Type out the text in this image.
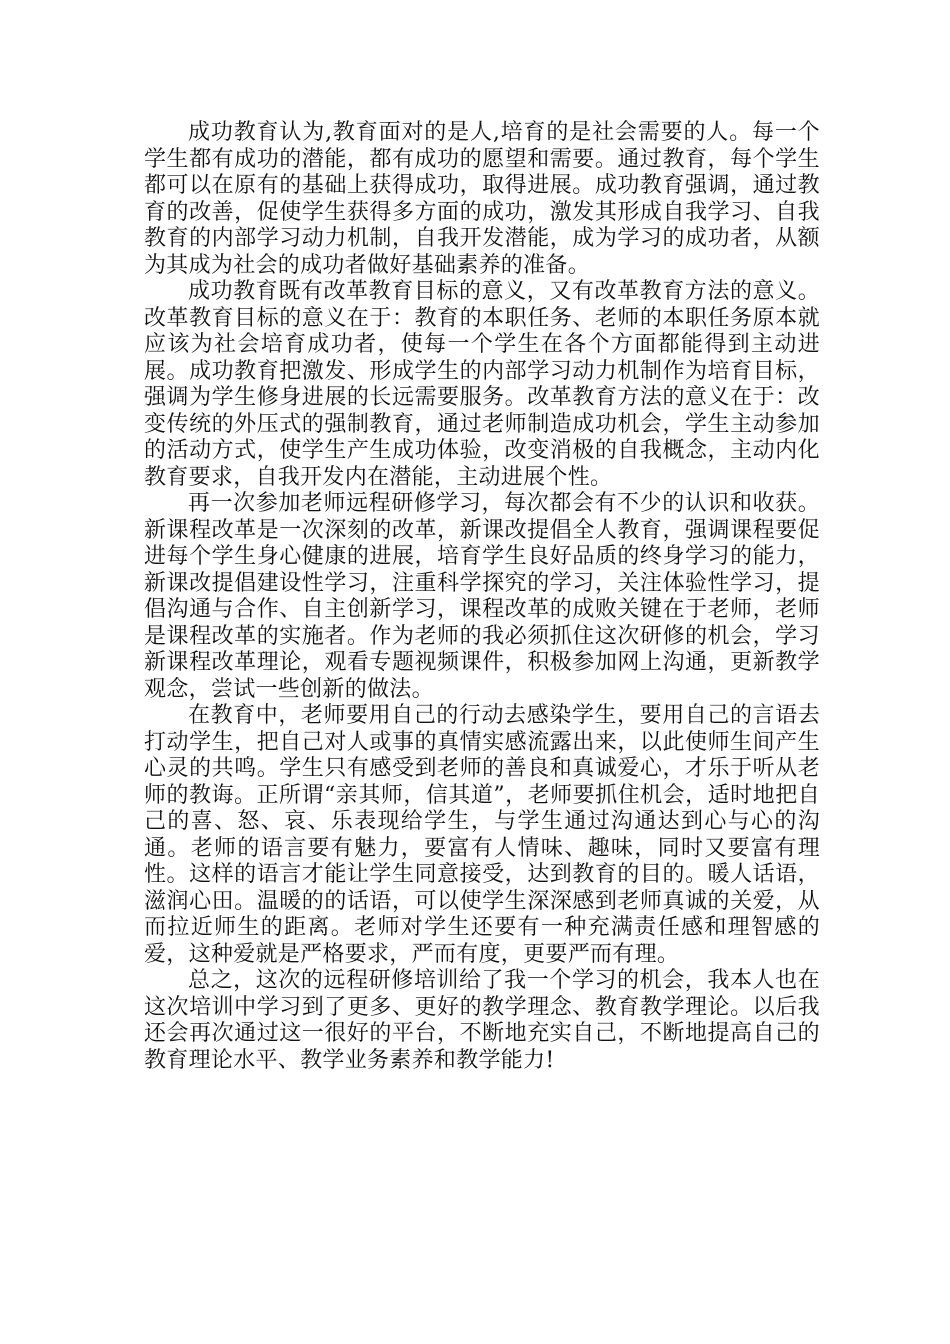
成功教育认为,教育面对的是人,培育的是社会需要的人。每一个学生都有成功的潜能，都有成功的愿望和需要。通过教育，每个学生都可以在原有的基础上获得成功，取得进展。成功教育强调，通过教育的改善，促使学生获得多方面的成功，激发其形成自我学习、自我教育的内部学习动力机制，自我开发潜能，成为学习的成功者，从额为其成为社会的成功者做好基础素养的准备。

成功教育既有改革教育目标的意义，又有改革教育方法的意义。改革教育目标的意义在于：教育的本职任务、老师的本职任务原本就应该为社会培育成功者，使每一个学生在各个方面都能得到主动进展。成功教育把激发、形成学生的内部学习动力机制作为培育目标，强调为学生修身进展的长远需要服务。改革教育方法的意义在于：改变传统的外压式的强制教育，通过老师制造成功机会，学生主动参加的活动方式，使学生产生成功体验，改变消极的自我概念，主动内化教育要求，自我开发内在潜能，主动进展个性。

再一次参加老师远程研修学习，每次都会有不少的认识和收获。新课程改革是一次深刻的改革，新课改提倡全人教育，强调课程要促进每个学生身心健康的进展，培育学生良好品质的终身学习的能力，新课改提倡建设性学习，注重科学探究的学习，关注体验性学习，提倡沟通与合作、自主创新学习，课程改革的成败关键在于老师，老师是课程改革的实施者。作为老师的我必须抓住这次研修的机会，学习新课程改革理论，观看专题视频课件，积极参加网上沟通，更新教学观念，尝试一些创新的做法。

在教育中，老师要用自己的行动去感染学生，要用自己的言语去打动学生，把自己对人或事的真情实感流露出来，以此使师生间产生心灵的共鸣。学生只有感受到老师的善良和真诚爱心，才乐于听从老师的教诲。正所谓“亲其师，信其道”，老师要抓住机会，适时地把自己的喜、怒、哀、乐表现给学生，与学生通过沟通达到心与心的沟通。老师的语言要有魅力，要富有人情味、趣味，同时又要富有理性。这样的语言才能让学生同意接受，达到教育的目的。暖人话语，滋润心田。温暖的的话语，可以使学生深深感到老师真诚的关爱，从而拉近师生的距离。老师对学生还要有一种充满责任感和理智感的爱，这种爱就是严格要求，严而有度，更要严而有理。

总之，这次的远程研修培训给了我一个学习的机会，我本人也在这次培训中学习到了更多、更好的教学理念、教育教学理论。以后我还会再次通过这一很好的平台，不断地充实自己，不断地提高自己的教育理论水平、教学业务素养和教学能力!
